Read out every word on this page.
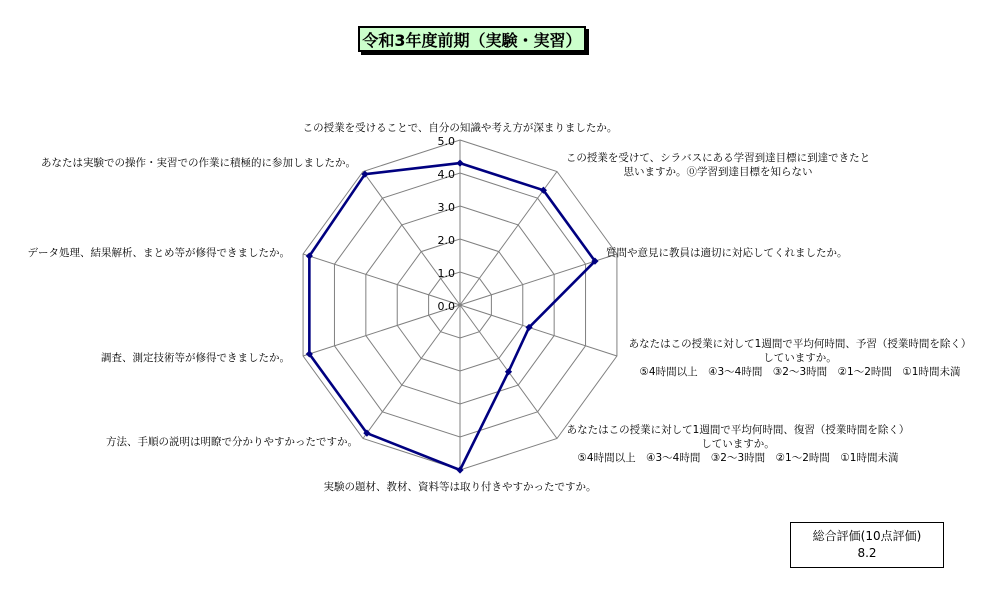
令和3年度前期（実験・実習）
0.0
1.0
2.0
3.0
4.0
5.0
この授業を受けることで、自分の知識や考え方が深まりましたか。
この授業を受けて、シラバスにある学習到達目標に到達できたと
思いますか。⓪学習到達目標を知らない
質問や意見に教員は適切に対応してくれましたか。
あなたはこの授業に対して1週間で平均何時間、予習（授業時間を除く）
していますか。
⑤4時間以上　④3～4時間　③2～3時間　②1～2時間　①1時間未満
あなたはこの授業に対して1週間で平均何時間、復習（授業時間を除く）
していますか。
⑤4時間以上　④3～4時間　③2～3時間　②1～2時間　①1時間未満
実験の題材、教材、資料等は取り付きやすかったですか。
方法、手順の説明は明瞭で分かりやすかったですか。
調査、測定技術等が修得できましたか。
データ処理、結果解析、まとめ等が修得できましたか。
あなたは実験での操作・実習での作業に積極的に参加しましたか。
総合評価(10点評価)
8.2
